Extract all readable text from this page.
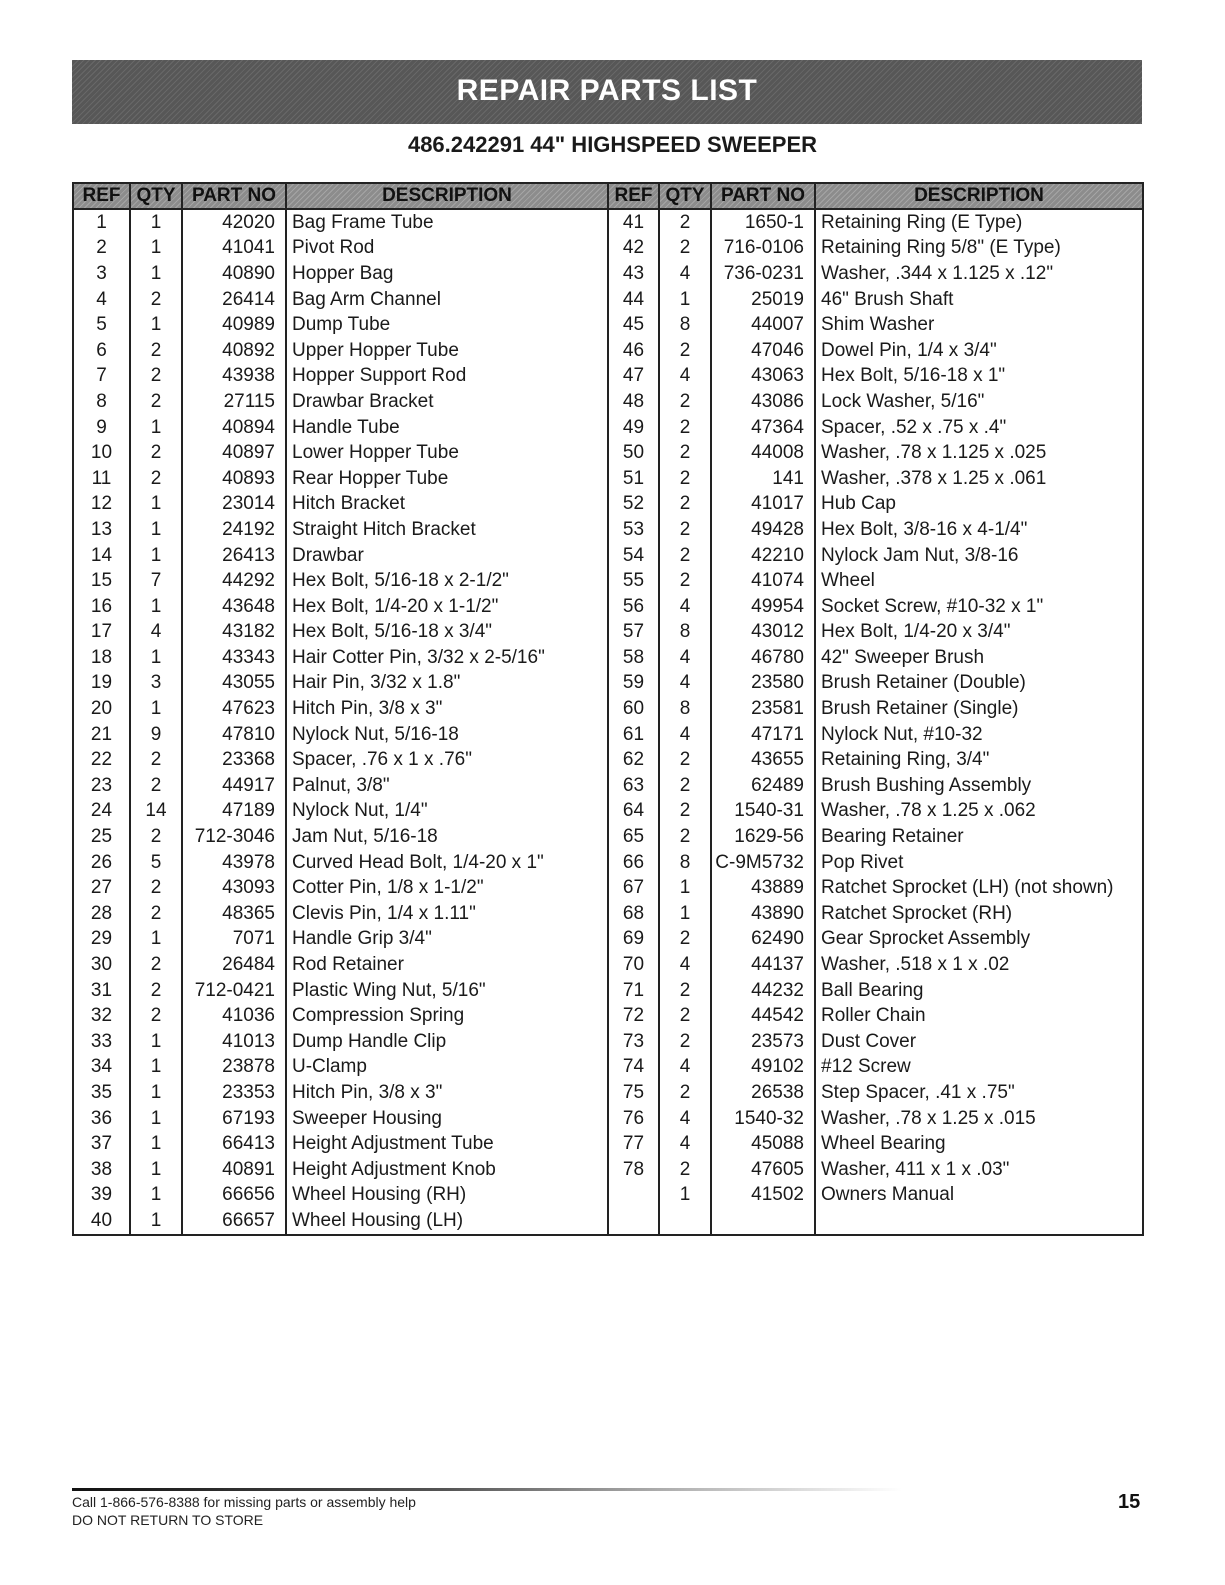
REPAIR PARTS LIST
486.242291 44" HIGHSPEED SWEEPER
REF	QTY	PART NO	DESCRIPTION	REF	QTY	PART NO	DESCRIPTION
1	1	42020	Bag Frame Tube	41	2	1650-1	Retaining Ring (E Type)
2	1	41041	Pivot Rod	42	2	716-0106	Retaining Ring 5/8" (E Type)
3	1	40890	Hopper Bag	43	4	736-0231	Washer, .344 x 1.125 x .12"
4	2	26414	Bag Arm Channel	44	1	25019	46" Brush Shaft
5	1	40989	Dump Tube	45	8	44007	Shim Washer
6	2	40892	Upper Hopper Tube	46	2	47046	Dowel Pin, 1/4 x 3/4"
7	2	43938	Hopper Support Rod	47	4	43063	Hex Bolt, 5/16-18 x 1"
8	2	27115	Drawbar Bracket	48	2	43086	Lock Washer, 5/16"
9	1	40894	Handle Tube	49	2	47364	Spacer, .52 x .75 x .4"
10	2	40897	Lower Hopper Tube	50	2	44008	Washer, .78 x 1.125 x .025
11	2	40893	Rear Hopper Tube	51	2	141	Washer, .378 x 1.25 x .061
12	1	23014	Hitch Bracket	52	2	41017	Hub Cap
13	1	24192	Straight Hitch Bracket	53	2	49428	Hex Bolt, 3/8-16 x 4-1/4"
14	1	26413	Drawbar	54	2	42210	Nylock Jam Nut, 3/8-16
15	7	44292	Hex Bolt, 5/16-18 x 2-1/2"	55	2	41074	Wheel
16	1	43648	Hex Bolt, 1/4-20 x 1-1/2"	56	4	49954	Socket Screw, #10-32 x 1"
17	4	43182	Hex Bolt, 5/16-18 x 3/4"	57	8	43012	Hex Bolt, 1/4-20 x 3/4"
18	1	43343	Hair Cotter Pin, 3/32 x 2-5/16"	58	4	46780	42" Sweeper Brush
19	3	43055	Hair Pin, 3/32 x 1.8"	59	4	23580	Brush Retainer (Double)
20	1	47623	Hitch Pin, 3/8 x 3"	60	8	23581	Brush Retainer (Single)
21	9	47810	Nylock Nut, 5/16-18	61	4	47171	Nylock Nut, #10-32
22	2	23368	Spacer, .76 x 1 x .76"	62	2	43655	Retaining Ring, 3/4"
23	2	44917	Palnut, 3/8"	63	2	62489	Brush Bushing Assembly
24	14	47189	Nylock Nut, 1/4"	64	2	1540-31	Washer, .78 x 1.25 x .062
25	2	712-3046	Jam Nut, 5/16-18	65	2	1629-56	Bearing Retainer
26	5	43978	Curved Head Bolt, 1/4-20 x 1"	66	8	C-9M5732	Pop Rivet
27	2	43093	Cotter Pin, 1/8 x 1-1/2"	67	1	43889	Ratchet Sprocket (LH) (not shown)
28	2	48365	Clevis Pin, 1/4 x 1.11"	68	1	43890	Ratchet Sprocket (RH)
29	1	7071	Handle Grip 3/4"	69	2	62490	Gear Sprocket Assembly
30	2	26484	Rod Retainer	70	4	44137	Washer, .518 x 1 x .02
31	2	712-0421	Plastic Wing Nut, 5/16"	71	2	44232	Ball Bearing
32	2	41036	Compression Spring	72	2	44542	Roller Chain
33	1	41013	Dump Handle Clip	73	2	23573	Dust Cover
34	1	23878	U-Clamp	74	4	49102	#12 Screw
35	1	23353	Hitch Pin, 3/8 x 3"	75	2	26538	Step Spacer, .41 x .75"
36	1	67193	Sweeper Housing	76	4	1540-32	Washer, .78 x 1.25 x .015
37	1	66413	Height Adjustment Tube	77	4	45088	Wheel Bearing
38	1	40891	Height Adjustment Knob	78	2	47605	Washer, 411 x 1 x .03"
39	1	66656	Wheel Housing (RH)		1	41502	Owners Manual
40	1	66657	Wheel Housing (LH)				
Call 1-866-576-8388 for missing parts or assembly help
DO NOT RETURN TO STORE
15
